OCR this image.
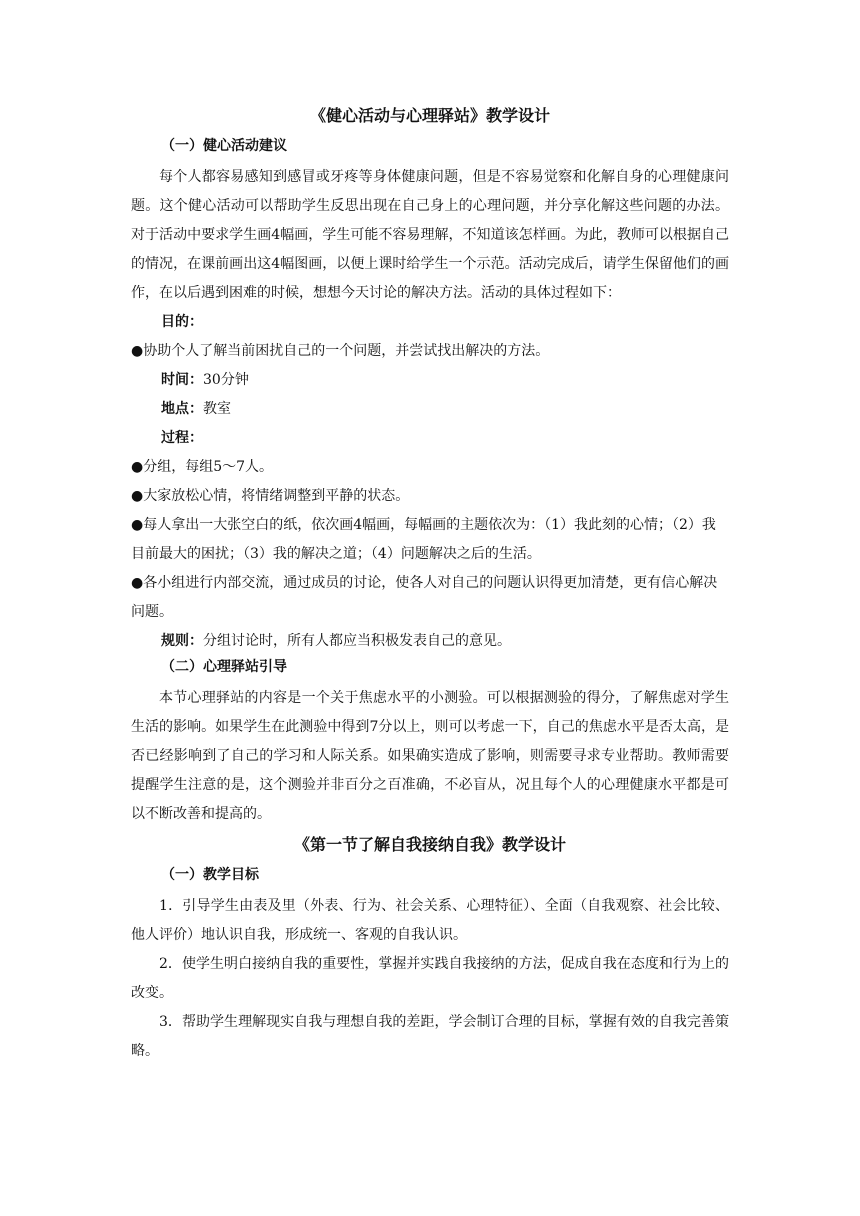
《健心活动与心理驿站》教学设计
（一）健心活动建议

每个人都容易感知到感冒或牙疼等身体健康问题，但是不容易觉察和化解自身的心理健康问题。这个健心活动可以帮助学生反思出现在自己身上的心理问题，并分享化解这些问题的办法。对于活动中要求学生画4幅画，学生可能不容易理解，不知道该怎样画。为此，教师可以根据自己的情况，在课前画出这4幅图画，以便上课时给学生一个示范。活动完成后，请学生保留他们的画作，在以后遇到困难的时候，想想今天讨论的解决方法。活动的具体过程如下：

目的：

●协助个人了解当前困扰自己的一个问题，并尝试找出解决的方法。

时间：30分钟
地点：教室
过程：

●分组，每组5～7人。

●大家放松心情，将情绪调整到平静的状态。

●每人拿出一大张空白的纸，依次画4幅画，每幅画的主题依次为：（1）我此刻的心情；（2）我目前最大的困扰；（3）我的解决之道；（4）问题解决之后的生活。

●各小组进行内部交流，通过成员的讨论，使各人对自己的问题认识得更加清楚，更有信心解决问题。

规则：分组讨论时，所有人都应当积极发表自己的意见。
（二）心理驿站引导

本节心理驿站的内容是一个关于焦虑水平的小测验。可以根据测验的得分，了解焦虑对学生生活的影响。如果学生在此测验中得到7分以上，则可以考虑一下，自己的焦虑水平是否太高，是否已经影响到了自己的学习和人际关系。如果确实造成了影响，则需要寻求专业帮助。教师需要提醒学生注意的是，这个测验并非百分之百准确，不必盲从，况且每个人的心理健康水平都是可以不断改善和提高的。

《第一节了解自我接纳自我》教学设计
（一）教学目标

1．引导学生由表及里（外表、行为、社会关系、心理特征）、全面（自我观察、社会比较、他人评价）地认识自我，形成统一、客观的自我认识。

2．使学生明白接纳自我的重要性，掌握并实践自我接纳的方法，促成自我在态度和行为上的改变。

3．帮助学生理解现实自我与理想自我的差距，学会制订合理的目标，掌握有效的自我完善策略。
